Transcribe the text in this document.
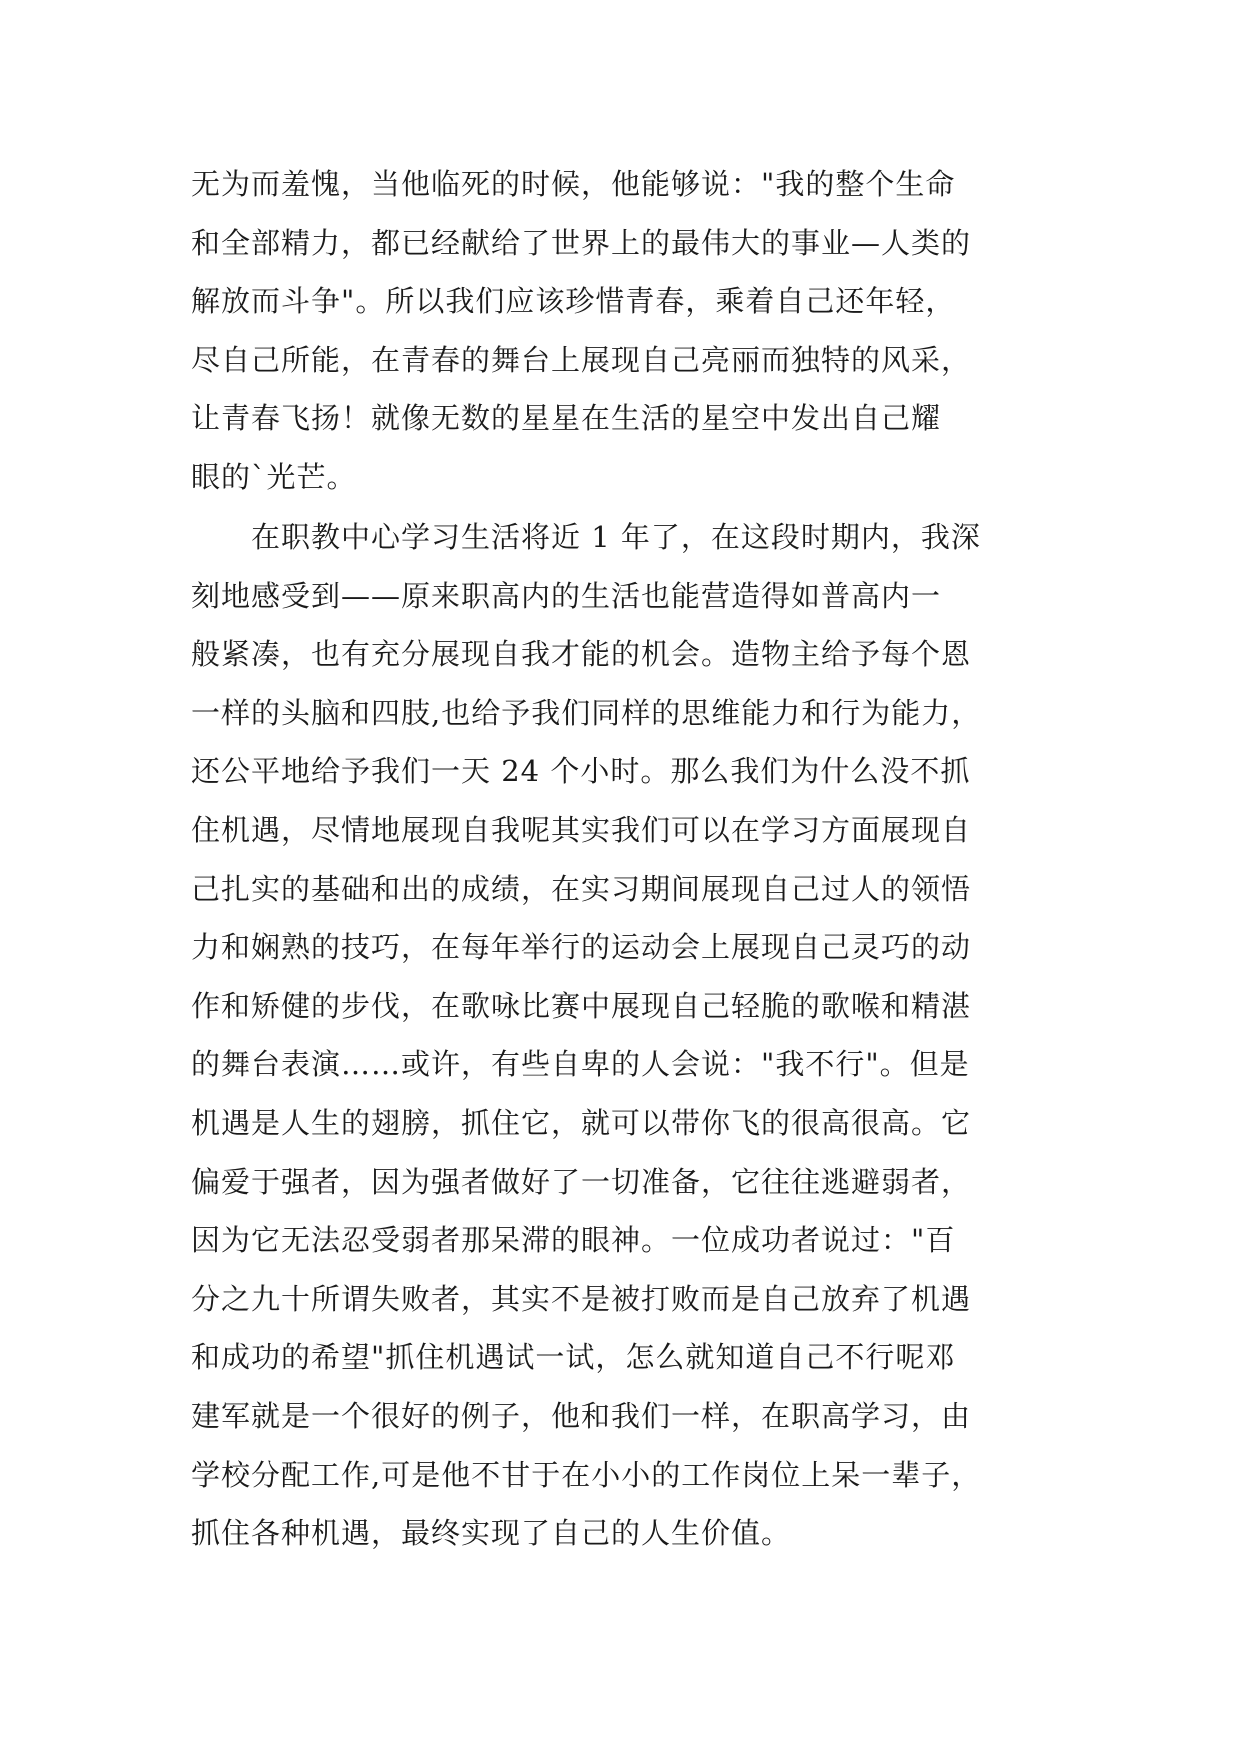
无为而羞愧，当他临死的时候，他能够说："我的整个生命
和全部精力，都已经献给了世界上的最伟大的事业—人类的
解放而斗争"。所以我们应该珍惜青春，乘着自己还年轻，
尽自己所能，在青春的舞台上展现自己亮丽而独特的风采，
让青春飞扬！就像无数的星星在生活的星空中发出自己耀
眼的`光芒。
　　在职教中心学习生活将近 1 年了，在这段时期内，我深
刻地感受到——原来职高内的生活也能营造得如普高内一
般紧凑，也有充分展现自我才能的机会。造物主给予每个恩
一样的头脑和四肢,也给予我们同样的思维能力和行为能力，
还公平地给予我们一天 24 个小时。那么我们为什么没不抓
住机遇，尽情地展现自我呢其实我们可以在学习方面展现自
己扎实的基础和出的成绩，在实习期间展现自己过人的领悟
力和娴熟的技巧，在每年举行的运动会上展现自己灵巧的动
作和矫健的步伐，在歌咏比赛中展现自己轻脆的歌喉和精湛
的舞台表演……或许，有些自卑的人会说："我不行"。但是
机遇是人生的翅膀，抓住它，就可以带你飞的很高很高。它
偏爱于强者，因为强者做好了一切准备，它往往逃避弱者，
因为它无法忍受弱者那呆滞的眼神。一位成功者说过："百
分之九十所谓失败者，其实不是被打败而是自己放弃了机遇
和成功的希望"抓住机遇试一试，怎么就知道自己不行呢邓
建军就是一个很好的例子，他和我们一样，在职高学习，由
学校分配工作,可是他不甘于在小小的工作岗位上呆一辈子，
抓住各种机遇，最终实现了自己的人生价值。
